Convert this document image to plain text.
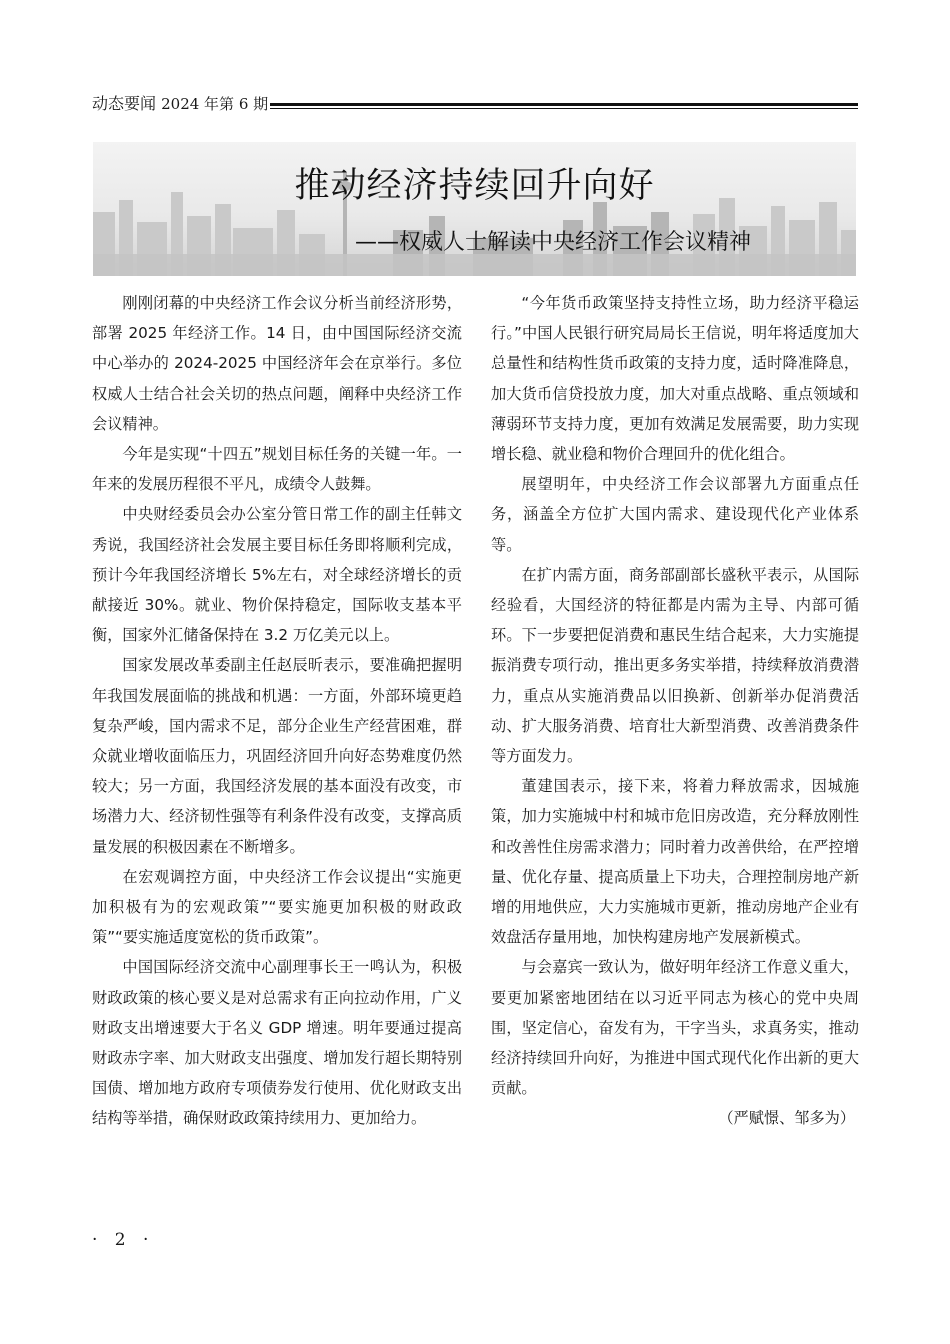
动态要闻 2024 年第 6 期
推动经济持续回升向好
——权威人士解读中央经济工作会议精神

刚刚闭幕的中央经济工作会议分析当前经济形势，部署 2025 年经济工作。14 日，由中国国际经济交流中心举办的 2024-2025 中国经济年会在京举行。多位权威人士结合社会关切的热点问题，阐释中央经济工作会议精神。

今年是实现“十四五”规划目标任务的关键一年。一年来的发展历程很不平凡，成绩令人鼓舞。

中央财经委员会办公室分管日常工作的副主任韩文秀说，我国经济社会发展主要目标任务即将顺利完成，预计今年我国经济增长 5%左右，对全球经济增长的贡献接近 30%。就业、物价保持稳定，国际收支基本平衡，国家外汇储备保持在 3.2 万亿美元以上。

国家发展改革委副主任赵辰昕表示，要准确把握明年我国发展面临的挑战和机遇：一方面，外部环境更趋复杂严峻，国内需求不足，部分企业生产经营困难，群众就业增收面临压力，巩固经济回升向好态势难度仍然较大；另一方面，我国经济发展的基本面没有改变，市场潜力大、经济韧性强等有利条件没有改变，支撑高质量发展的积极因素在不断增多。

在宏观调控方面，中央经济工作会议提出“实施更加积极有为的宏观政策”“要实施更加积极的财政政策”“要实施适度宽松的货币政策”。

中国国际经济交流中心副理事长王一鸣认为，积极财政政策的核心要义是对总需求有正向拉动作用，广义财政支出增速要大于名义 GDP 增速。明年要通过提高财政赤字率、加大财政支出强度、增加发行超长期特别国债、增加地方政府专项债券发行使用、优化财政支出结构等举措，确保财政政策持续用力、更加给力。

“今年货币政策坚持支持性立场，助力经济平稳运行。”中国人民银行研究局局长王信说，明年将适度加大总量性和结构性货币政策的支持力度，适时降准降息，加大货币信贷投放力度，加大对重点战略、重点领域和薄弱环节支持力度，更加有效满足发展需要，助力实现增长稳、就业稳和物价合理回升的优化组合。

展望明年，中央经济工作会议部署九方面重点任务，涵盖全方位扩大国内需求、建设现代化产业体系等。

在扩内需方面，商务部副部长盛秋平表示，从国际经验看，大国经济的特征都是内需为主导、内部可循环。下一步要把促消费和惠民生结合起来，大力实施提振消费专项行动，推出更多务实举措，持续释放消费潜力，重点从实施消费品以旧换新、创新举办促消费活动、扩大服务消费、培育壮大新型消费、改善消费条件等方面发力。

董建国表示，接下来，将着力释放需求，因城施策，加力实施城中村和城市危旧房改造，充分释放刚性和改善性住房需求潜力；同时着力改善供给，在严控增量、优化存量、提高质量上下功夫，合理控制房地产新增的用地供应，大力实施城市更新，推动房地产企业有效盘活存量用地，加快构建房地产发展新模式。

与会嘉宾一致认为，做好明年经济工作意义重大，要更加紧密地团结在以习近平同志为核心的党中央周围，坚定信心，奋发有为，干字当头，求真务实，推动经济持续回升向好，为推进中国式现代化作出新的更大贡献。

（严赋憬、邹多为）

· 2 ·
